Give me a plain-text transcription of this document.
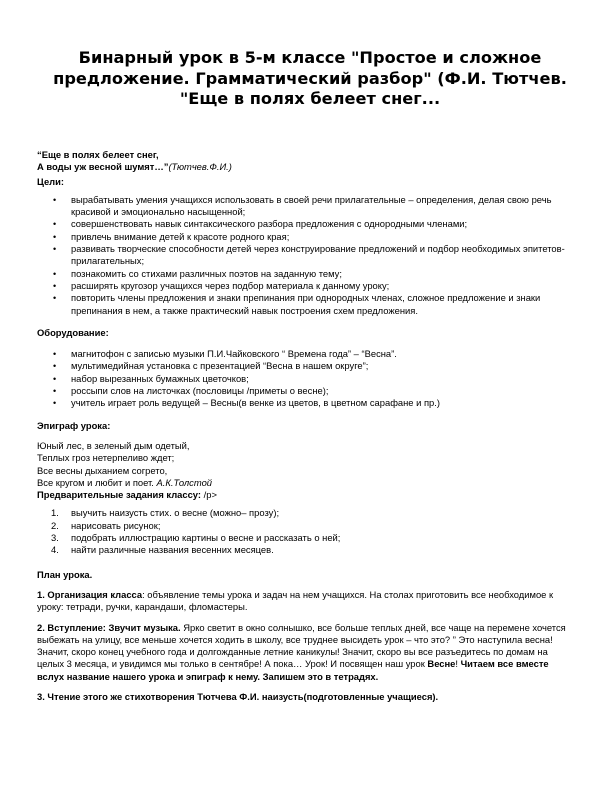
Бинарный урок в 5-м классе "Простое и сложное предложение. Грамматический разбор" (Ф.И. Тютчев. "Еще в полях белеет снег...
“Еще в полях белеет снег,
А воды уж весной шумят…”(Тютчев.Ф.И.)
Цели:
• вырабатывать умения учащихся использовать в своей речи прилагательные – определения, делая свою речь красивой и эмоционально насыщенной;
• совершенствовать навык синтаксического разбора предложения с однородными членами;
• привлечь внимание детей к красоте родного края;
• развивать творческие способности детей через конструирование предложений и подбор необходимых эпитетов-прилагательных;
• познакомить со стихами различных поэтов на заданную тему;
• расширять кругозор учащихся через подбор материала к данному уроку;
• повторить члены предложения и знаки препинания при однородных членах, сложное предложение и знаки препинания в нем, а также практический навык построения схем предложения.
Оборудование:
• магнитофон с записью музыки П.И.Чайковского “ Времена года” – “Весна”.
• мультимедийная установка с презентацией “Весна в нашем округе”;
• набор вырезанных бумажных цветочков;
• россыпи слов на листочках (пословицы /приметы о весне);
• учитель играет роль ведущей – Весны(в венке из цветов, в цветном сарафане и пр.)
Эпиграф урока:
Юный лес, в зеленый дым одетый,
Теплых гроз нетерпеливо ждет;
Все весны дыханием согрето,
Все кругом и любит и поет. А.К.Толстой
Предварительные задания классу: /p>
1. выучить наизусть стих. о весне (можно– прозу);
2. нарисовать рисунок;
3. подобрать иллюстрацию картины о весне и рассказать о ней;
4. найти различные названия весенних месяцев.
План урока.

1. Организация класса: объявление темы урока и задач на нем учащихся. На столах приготовить все необходимое к уроку: тетради, ручки, карандаши, фломастеры.

2. Вступление: Звучит музыка. Ярко светит в окно солнышко, все больше теплых дней, все чаще на перемене хочется выбежать на улицу, все меньше хочется ходить в школу, все труднее высидеть урок – что это? ” Это наступила весна! Значит, скоро конец учебного года и долгожданные летние каникулы! Значит, скоро вы все разъедитесь по домам на целых 3 месяца, и увидимся мы только в сентябре! А пока… Урок! И посвящен наш урок Весне! Читаем все вместе вслух название нашего урока и эпиграф к нему. Запишем это в тетрадях.

3. Чтение этого же стихотворения Тютчева Ф.И. наизусть(подготовленные учащиеся).
